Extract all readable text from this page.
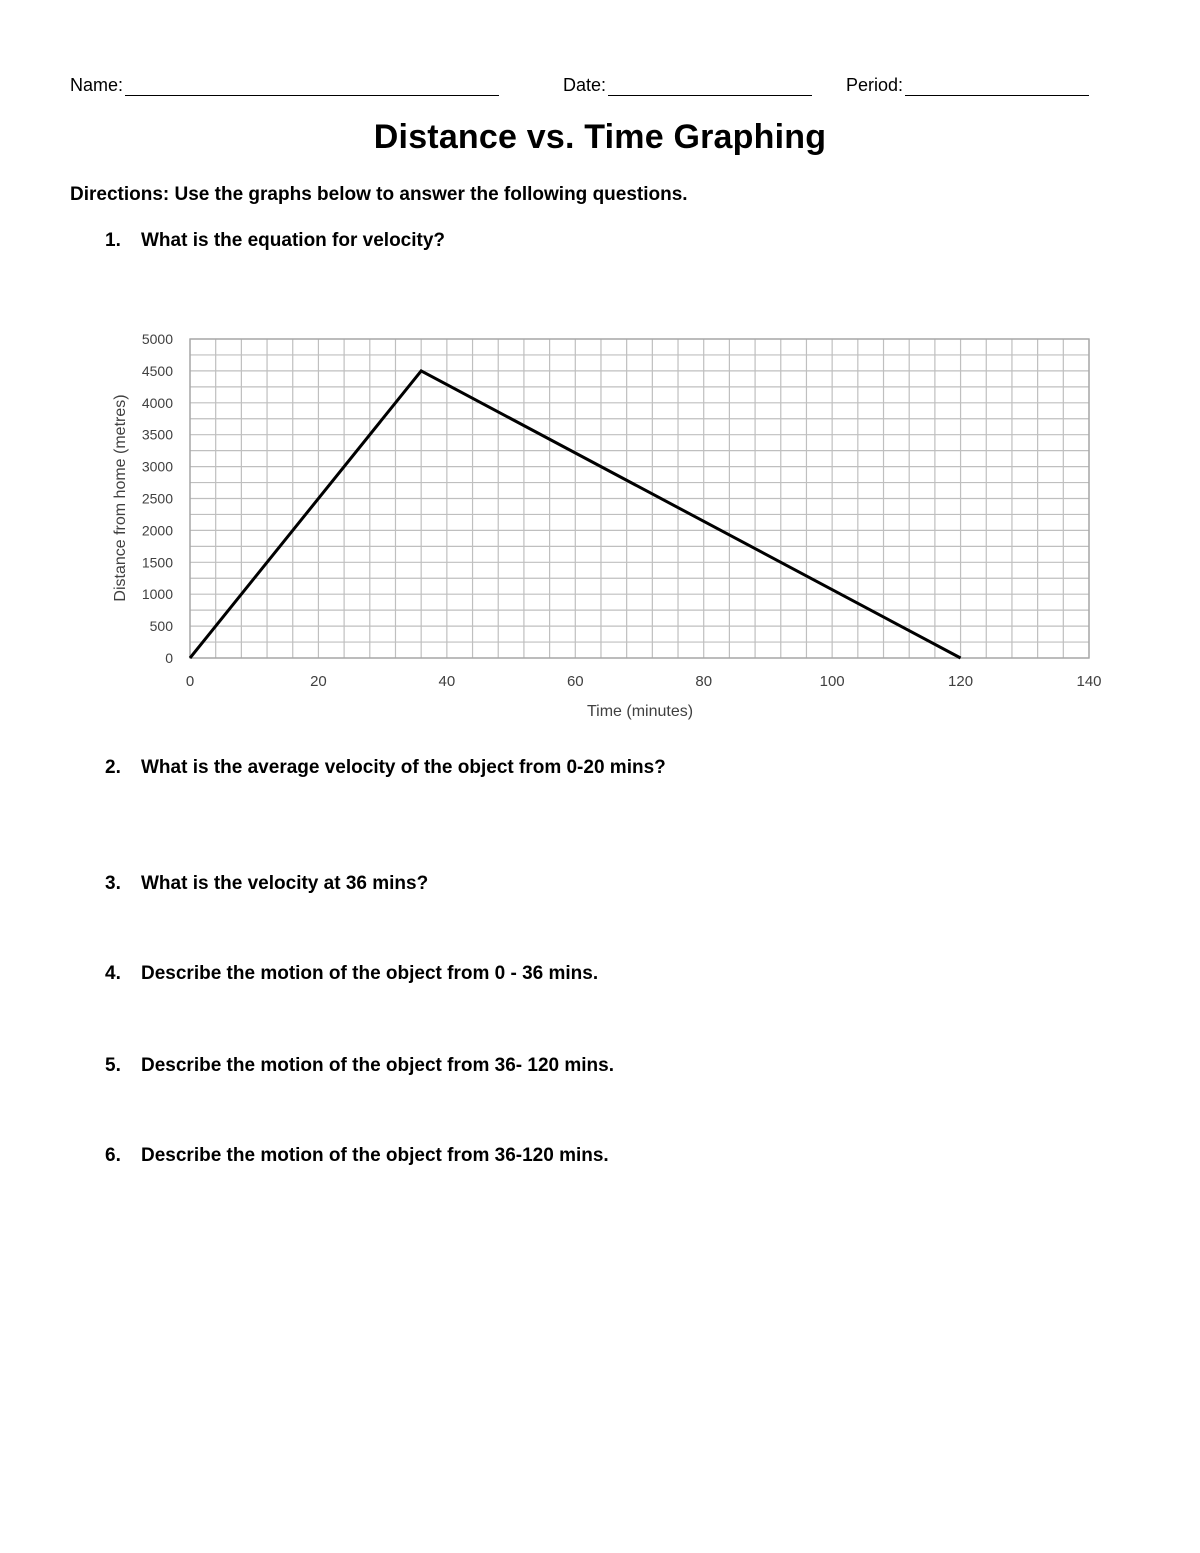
Name:	Date:	Period:
Distance vs. Time Graphing
Directions: Use the graphs below to answer the following questions.
1. What is the equation for velocity?
2. What is the average velocity of the object from 0-20 mins?
3. What is the velocity at 36 mins?
4. Describe the motion of the object from 0 - 36 mins.
5. Describe the motion of the object from 36- 120 mins.
6. Describe the motion of the object from 36-120 mins.
0	20	40	60	80	100	120	140
0
500
1000
1500
2000
2500
3000
3500
4000
4500
5000
Time (minutes)
Distance from home (metres)
